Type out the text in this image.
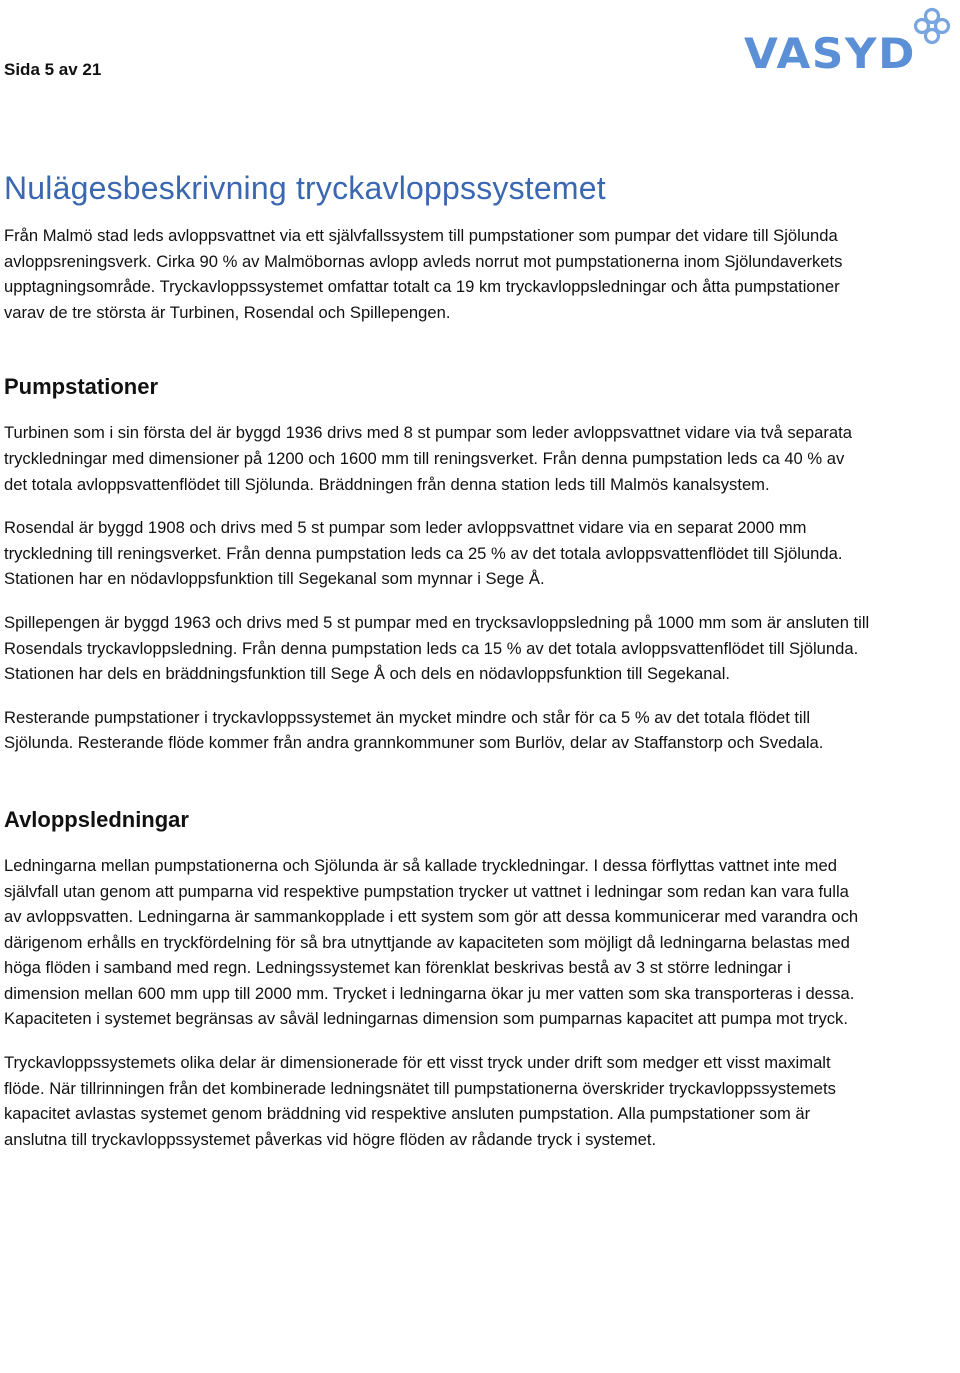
Sida 5 av 21	VASYD
Nulägesbeskrivning tryckavloppssystemet

Från Malmö stad leds avloppsvattnet via ett självfallssystem till pumpstationer som pumpar det vidare till Sjölunda avloppsreningsverk. Cirka 90 % av Malmöbornas avlopp avleds norrut mot pumpstationerna inom Sjölundaverkets upptagningsområde. Tryckavloppssystemet omfattar totalt ca 19 km tryckavloppsledningar och åtta pumpstationer varav de tre största är Turbinen, Rosendal och Spillepengen.

Pumpstationer

Turbinen som i sin första del är byggd 1936 drivs med 8 st pumpar som leder avloppsvattnet vidare via två separata tryckledningar med dimensioner på 1200 och 1600 mm till reningsverket. Från denna pumpstation leds ca 40 % av det totala avloppsvattenflödet till Sjölunda. Bräddningen från denna station leds till Malmös kanalsystem.

Rosendal är byggd 1908 och drivs med 5 st pumpar som leder avloppsvattnet vidare via en separat 2000 mm tryckledning till reningsverket. Från denna pumpstation leds ca 25 % av det totala avloppsvattenflödet till Sjölunda. Stationen har en nödavloppsfunktion till Segekanal som mynnar i Sege Å.

Spillepengen är byggd 1963 och drivs med 5 st pumpar med en trycksavloppsledning på 1000 mm som är ansluten till Rosendals tryckavloppsledning. Från denna pumpstation leds ca 15 % av det totala avloppsvattenflödet till Sjölunda. Stationen har dels en bräddningsfunktion till Sege Å och dels en nödavloppsfunktion till Segekanal.

Resterande pumpstationer i tryckavloppssystemet än mycket mindre och står för ca 5 % av det totala flödet till Sjölunda. Resterande flöde kommer från andra grannkommuner som Burlöv, delar av Staffanstorp och Svedala.

Avloppsledningar

Ledningarna mellan pumpstationerna och Sjölunda är så kallade tryckledningar. I dessa förflyttas vattnet inte med självfall utan genom att pumparna vid respektive pumpstation trycker ut vattnet i ledningar som redan kan vara fulla av avloppsvatten. Ledningarna är sammankopplade i ett system som gör att dessa kommunicerar med varandra och därigenom erhålls en tryckfördelning för så bra utnyttjande av kapaciteten som möjligt då ledningarna belastas med höga flöden i samband med regn. Ledningssystemet kan förenklat beskrivas bestå av 3 st större ledningar i dimension mellan 600 mm upp till 2000 mm. Trycket i ledningarna ökar ju mer vatten som ska transporteras i dessa. Kapaciteten i systemet begränsas av såväl ledningarnas dimension som pumparnas kapacitet att pumpa mot tryck.

Tryckavloppssystemets olika delar är dimensionerade för ett visst tryck under drift som medger ett visst maximalt flöde. När tillrinningen från det kombinerade ledningsnätet till pumpstationerna överskrider tryckavloppssystemets kapacitet avlastas systemet genom bräddning vid respektive ansluten pumpstation. Alla pumpstationer som är anslutna till tryckavloppssystemet påverkas vid högre flöden av rådande tryck i systemet.
